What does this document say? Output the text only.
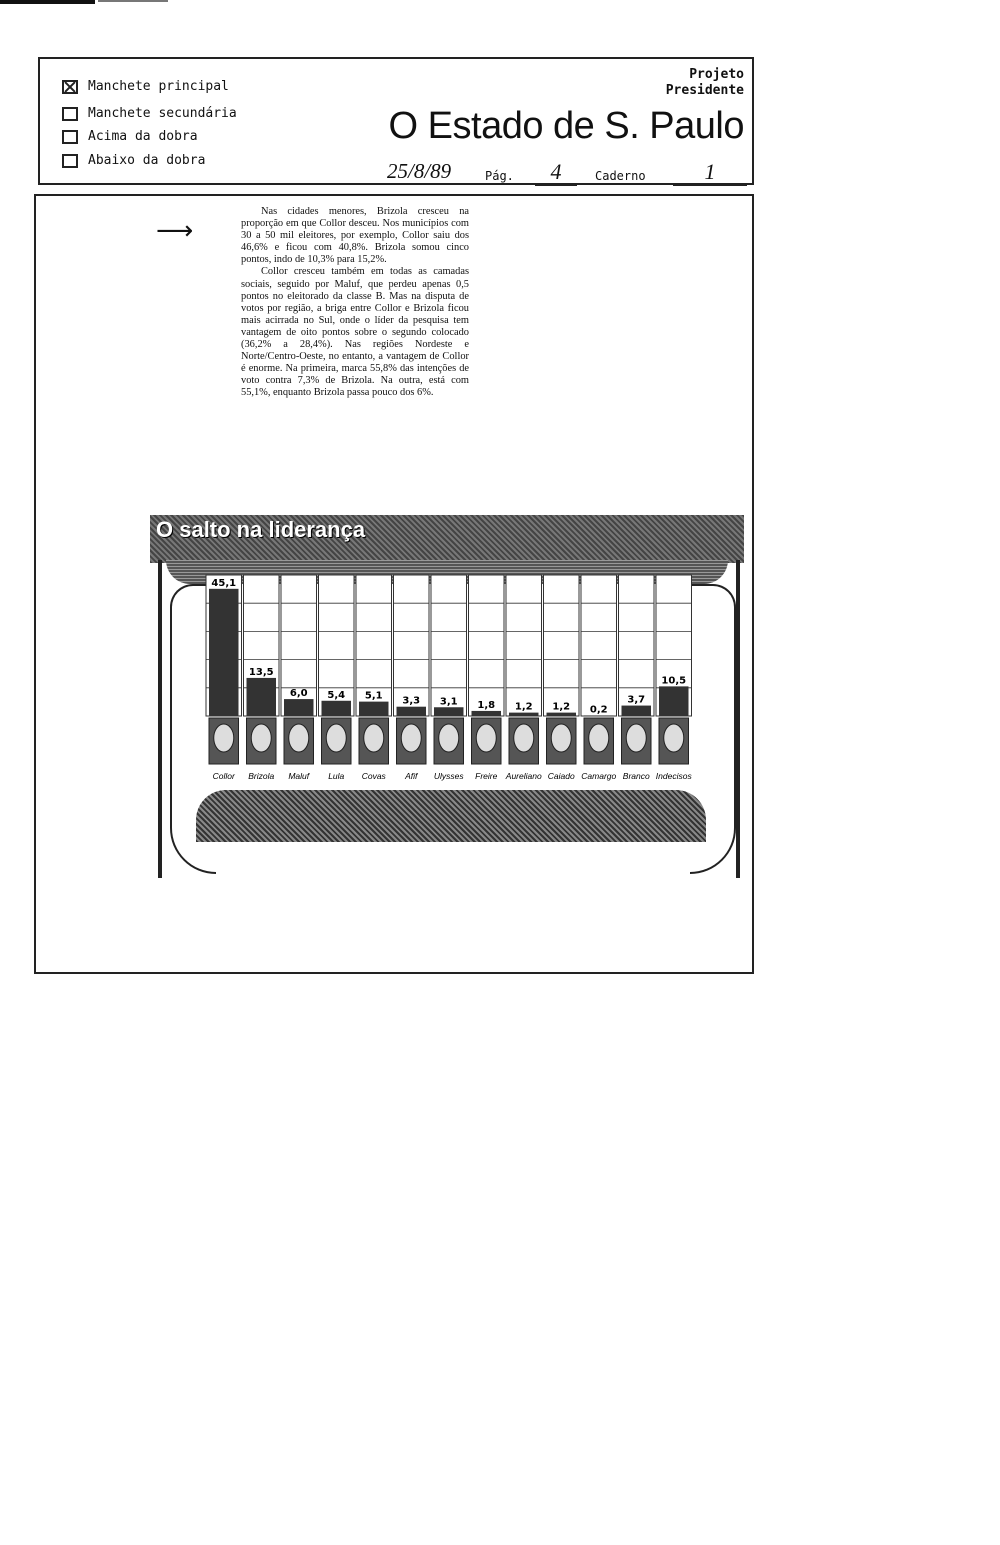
Manchete principal
Manchete secundária
Acima da dobra
Abaixo da dobra
Projeto
Presidente
O Estado de S. Paulo
25/8/89	Pág.	4	Caderno	1
⟶

Nas cidades menores, Brizola cresceu na proporção em que Collor desceu. Nos municípios com 30 a 50 mil eleitores, por exemplo, Collor saiu dos 46,6% e ficou com 40,8%. Brizola somou cinco pontos, indo de 10,3% para 15,2%.

Collor cresceu também em todas as camadas sociais, seguido por Maluf, que perdeu apenas 0,5 pontos no eleitorado da classe B. Mas na disputa de votos por região, a briga entre Collor e Brizola ficou mais acirrada no Sul, onde o líder da pesquisa tem vantagem de oito pontos sobre o segundo colocado (36,2% a 28,4%). Nas regiões Nordeste e Norte/Centro-Oeste, no entanto, a vantagem de Collor é enorme. Na primeira, marca 55,8% das intenções de voto contra 7,3% de Brizola. Na outra, está com 55,1%, enquanto Brizola passa pouco dos 6%.

O salto na liderança
45,1
Collor
13,5
Brizola
6,0
Maluf
5,4
Lula
5,1
Covas
3,3
Afif
3,1
Ulysses
1,8
Freire
1,2
Aureliano
1,2
Caiado
0,2
Camargo
3,7
Branco
10,5
Indecisos
